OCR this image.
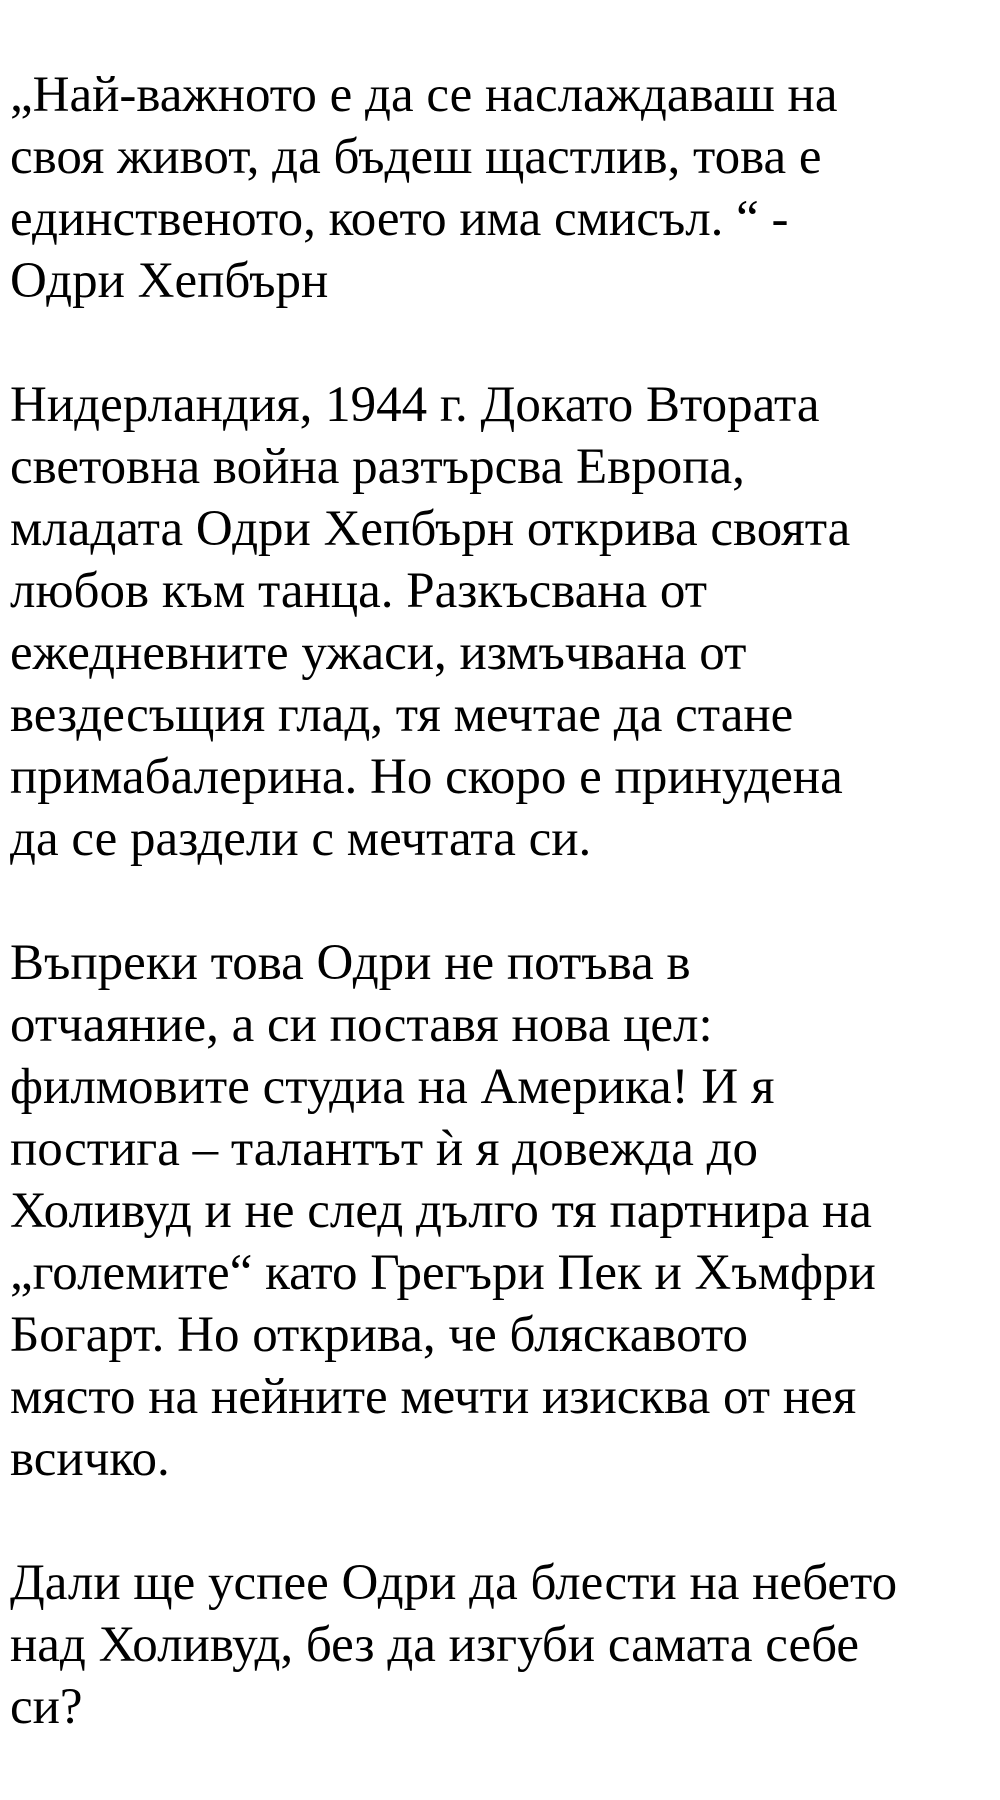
„Най-важното е да се наслаждаваш на
своя живот, да бъдеш щастлив, това е
единственото, което има смисъл. “ -
Одри Хепбърн

Нидерландия, 1944 г. Докато Втората
световна война разтърсва Европа,
младата Одри Хепбърн открива своята
любов към танца. Разкъсвана от
ежедневните ужаси, измъчвана от
вездесъщия глад, тя мечтае да стане
примабалерина. Но скоро е принудена
да се раздели с мечтата си.

Въпреки това Одри не потъва в
отчаяние, а си поставя нова цел:
филмовите студиа на Америка! И я
постига – талантът ѝ я довежда до
Холивуд и не след дълго тя партнира на
„големите“ като Грегъри Пек и Хъмфри
Богарт. Но открива, че бляскавото
място на нейните мечти изисква от нея
всичко.

Дали ще успее Одри да блести на небето
над Холивуд, без да изгуби самата себе
си?
